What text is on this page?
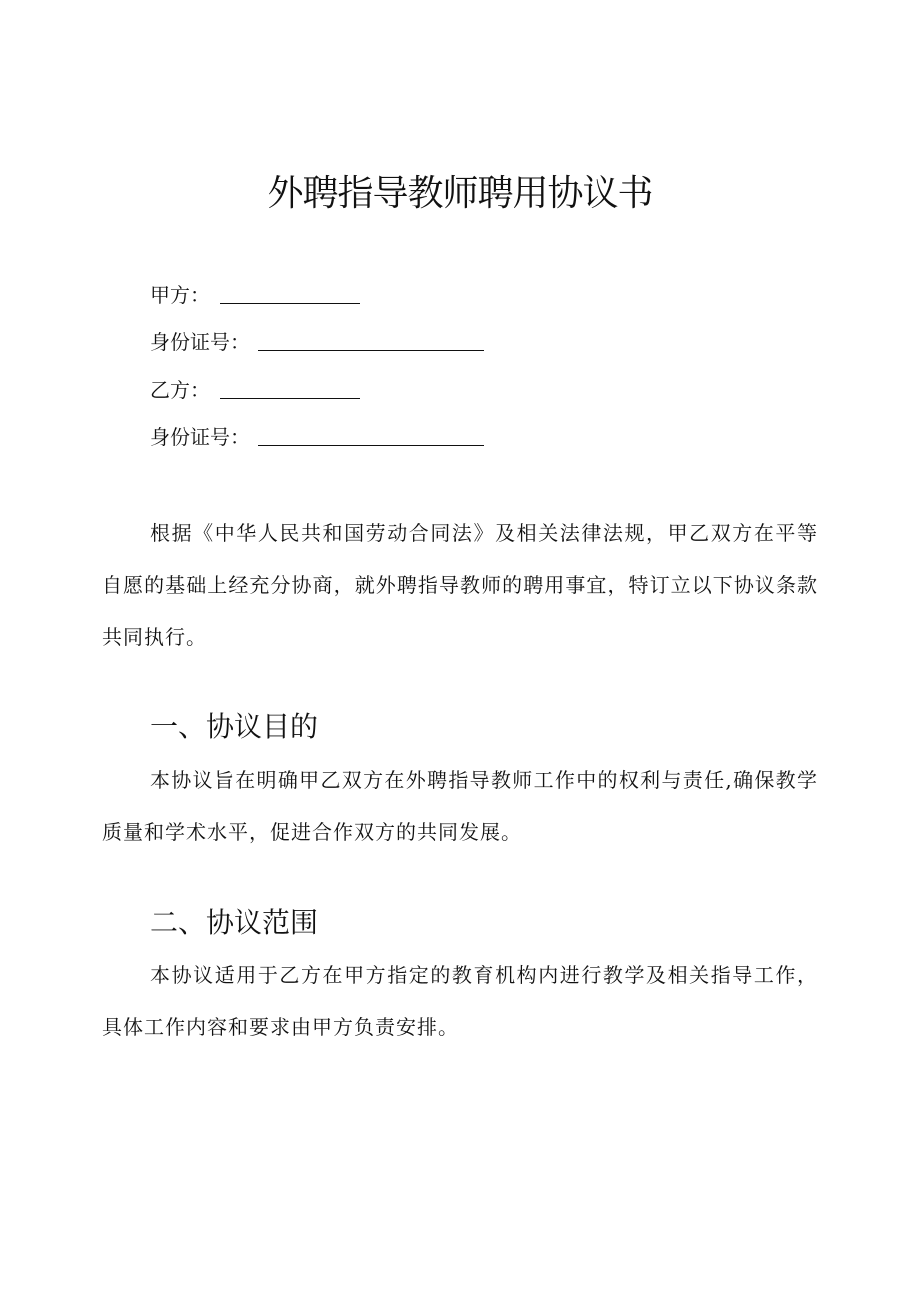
外聘指导教师聘用协议书
甲方：
身份证号：
乙方：
身份证号：

根据《中华人民共和国劳动合同法》及相关法律法规，甲乙双方在平等自愿的基础上经充分协商，就外聘指导教师的聘用事宜，特订立以下协议条款共同执行。

一、协议目的

本协议旨在明确甲乙双方在外聘指导教师工作中的权利与责任,确保教学质量和学术水平，促进合作双方的共同发展。

二、协议范围

本协议适用于乙方在甲方指定的教育机构内进行教学及相关指导工作，具体工作内容和要求由甲方负责安排。
